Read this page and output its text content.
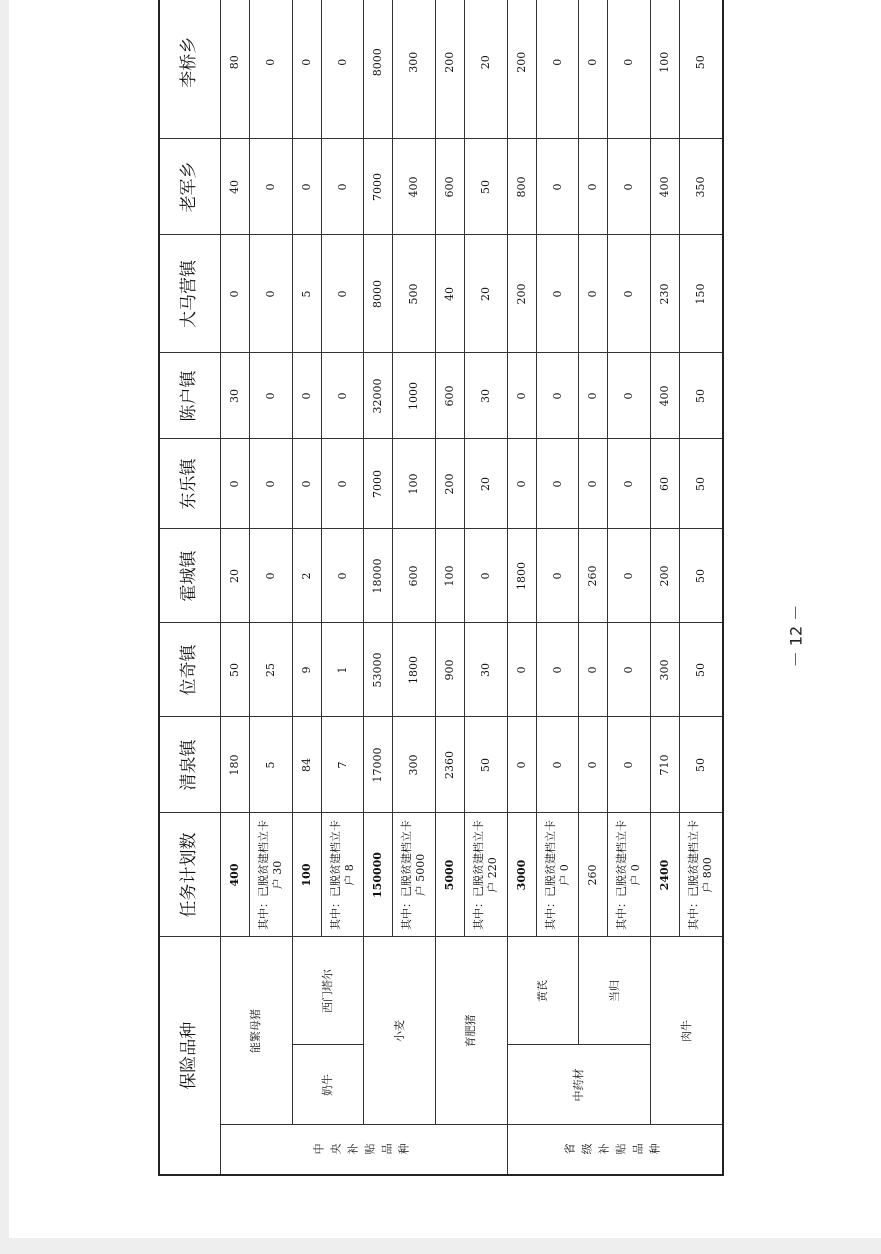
保险品种			任务计划数	清泉镇	位奇镇	霍城镇	东乐镇	陈户镇	大马营镇	老军乡	李桥乡
中央补贴品种	能繁母猪		400	180	50	20	0	30	0	40	80
			其中：已脱贫建档立卡户 30	5	25	0	0	0	0	0	0
	奶牛	西门塔尔	100	84	9	2	0	0	5	0	0
			其中：已脱贫建档立卡户 8	7	1	0	0	0	0	0	0
	小麦		150000	17000	53000	18000	7000	32000	8000	7000	8000
			其中：已脱贫建档立卡户 5000	300	1800	600	100	1000	500	400	300
	育肥猪		5000	2360	900	100	200	600	40	600	200
			其中：已脱贫建档立卡户 220	50	30	0	20	30	20	50	20
省级补贴品种	中药材	黄芪	3000	0	0	1800	0	0	200	800	200
			其中：已脱贫建档立卡户 0	0	0	0	0	0	0	0	0
		当归	260	0	0	260	0	0	0	0	0
			其中：已脱贫建档立卡户 0	0	0	0	0	0	0	0	0
	肉牛		2400	710	300	200	60	400	230	400	100
			其中：已脱贫建档立卡户 800	50	50	50	50	50	150	350	50
－ 12 －
